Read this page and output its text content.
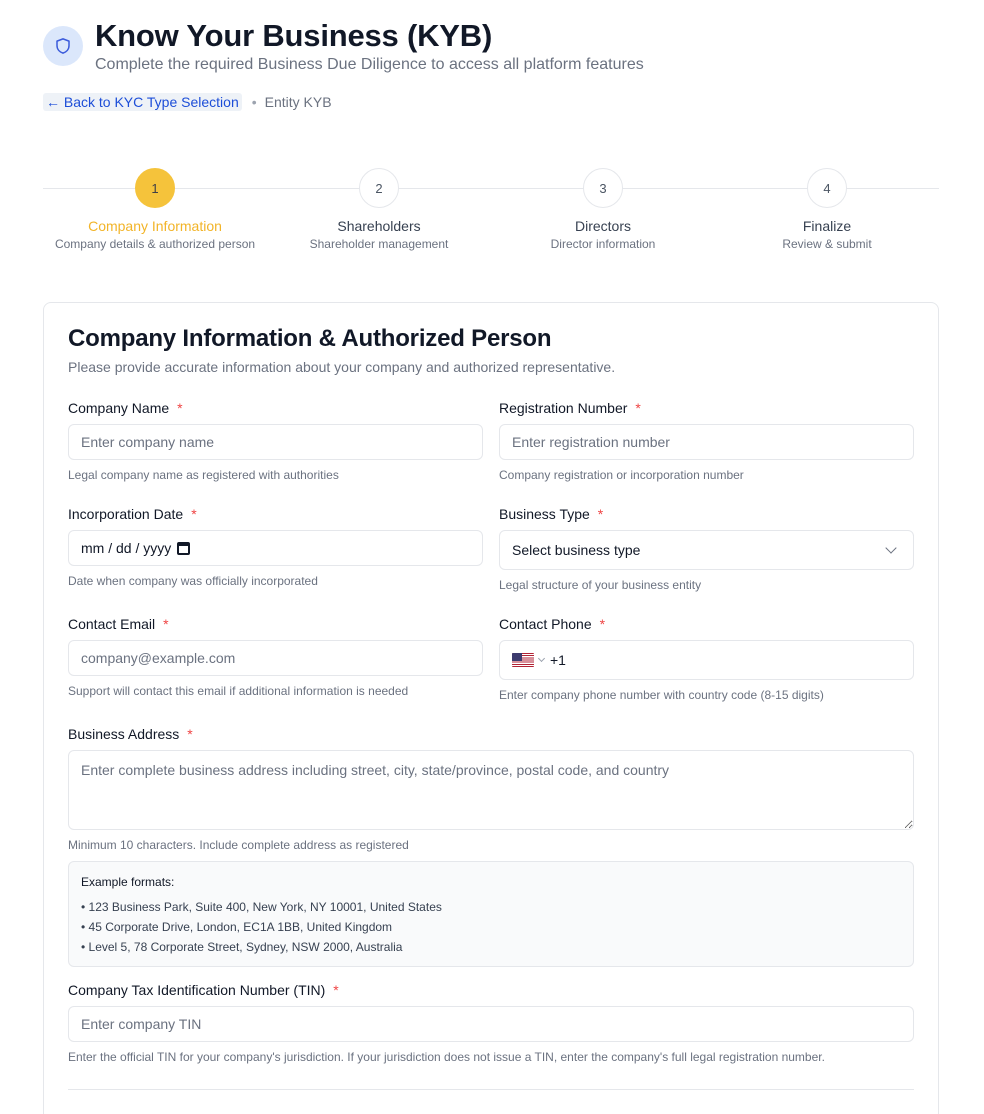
Know Your Business (KYB)
Complete the required Business Due Diligence to access all platform features
← Back to KYC Type Selection • Entity KYB
1
Company Information
Company details & authorized person
2
Shareholders
Shareholder management
3
Directors
Director information
4
Finalize
Review & submit
Company Information & Authorized Person
Please provide accurate information about your company and authorized representative.
Company Name *
Enter company name
Legal company name as registered with authorities
Registration Number *
Enter registration number
Company registration or incorporation number
Incorporation Date *
mm / dd / yyyy
Date when company was officially incorporated
Business Type *
Select business type
Legal structure of your business entity
Contact Email *
company@example.com
Support will contact this email if additional information is needed
Contact Phone *
+1
Enter company phone number with country code (8-15 digits)
Business Address *
Enter complete business address including street, city, state/province, postal code, and country
Minimum 10 characters. Include complete address as registered
Example formats:
• 123 Business Park, Suite 400, New York, NY 10001, United States
• 45 Corporate Drive, London, EC1A 1BB, United Kingdom
• Level 5, 78 Corporate Street, Sydney, NSW 2000, Australia
Company Tax Identification Number (TIN) *
Enter company TIN
Enter the official TIN for your company's jurisdiction. If your jurisdiction does not issue a TIN, enter the company's full legal registration number.
